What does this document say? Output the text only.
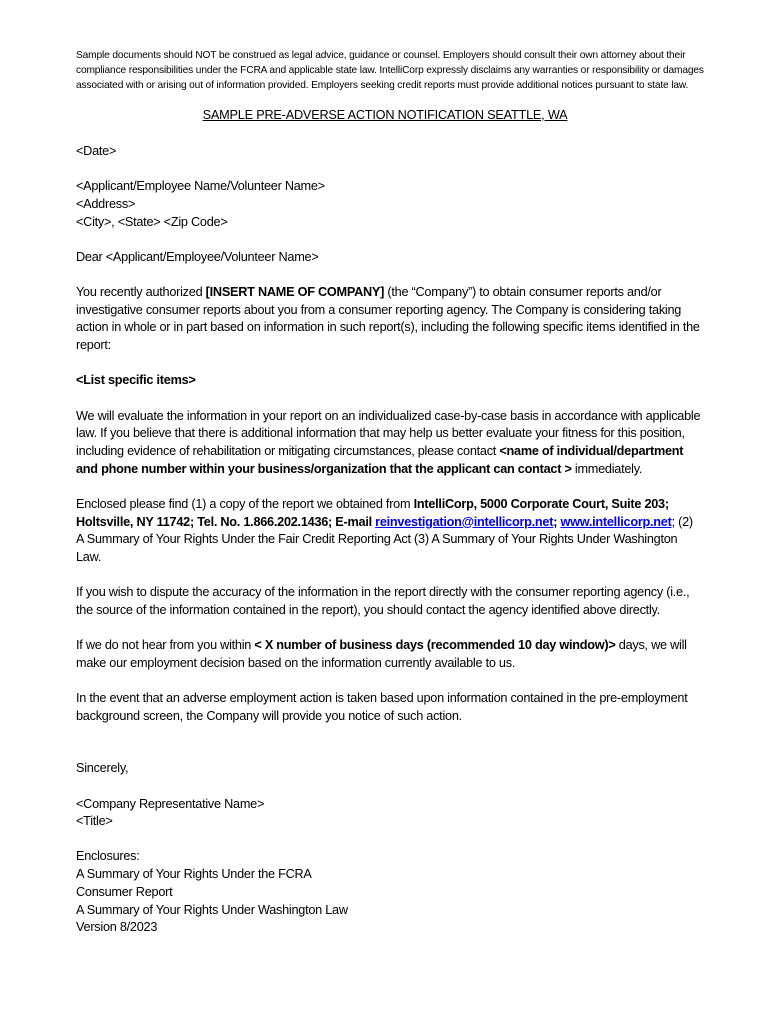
Sample documents should NOT be construed as legal advice, guidance or counsel. Employers should consult their own attorney about their compliance responsibilities under the FCRA and applicable state law. IntelliCorp expressly disclaims any warranties or responsibility or damages associated with or arising out of information provided. Employers seeking credit reports must provide additional notices pursuant to state law.
SAMPLE PRE-ADVERSE ACTION NOTIFICATION SEATTLE, WA

<Date>

<Applicant/Employee Name/Volunteer Name>
<Address>
<City>, <State> <Zip Code>

Dear <Applicant/Employee/Volunteer Name>

You recently authorized [INSERT NAME OF COMPANY] (the “Company”) to obtain consumer reports and/or investigative consumer reports about you from a consumer reporting agency. The Company is considering taking action in whole or in part based on information in such report(s), including the following specific items identified in the report:

<List specific items>

We will evaluate the information in your report on an individualized case-by-case basis in accordance with applicable law. If you believe that there is additional information that may help us better evaluate your fitness for this position, including evidence of rehabilitation or mitigating circumstances, please contact <name of individual/department and phone number within your business/organization that the applicant can contact > immediately.

Enclosed please find (1) a copy of the report we obtained from IntelliCorp, 5000 Corporate Court, Suite 203; Holtsville, NY 11742; Tel. No. 1.866.202.1436; E-mail reinvestigation@intellicorp.net; www.intellicorp.net; (2) A Summary of Your Rights Under the Fair Credit Reporting Act (3) A Summary of Your Rights Under Washington Law.

If you wish to dispute the accuracy of the information in the report directly with the consumer reporting agency (i.e., the source of the information contained in the report), you should contact the agency identified above directly.

If we do not hear from you within < X number of business days (recommended 10 day window)> days, we will make our employment decision based on the information currently available to us.

In the event that an adverse employment action is taken based upon information contained in the pre-employment background screen, the Company will provide you notice of such action.

Sincerely,

<Company Representative Name>
<Title>

Enclosures:
A Summary of Your Rights Under the FCRA
Consumer Report
A Summary of Your Rights Under Washington Law
Version 8/2023
